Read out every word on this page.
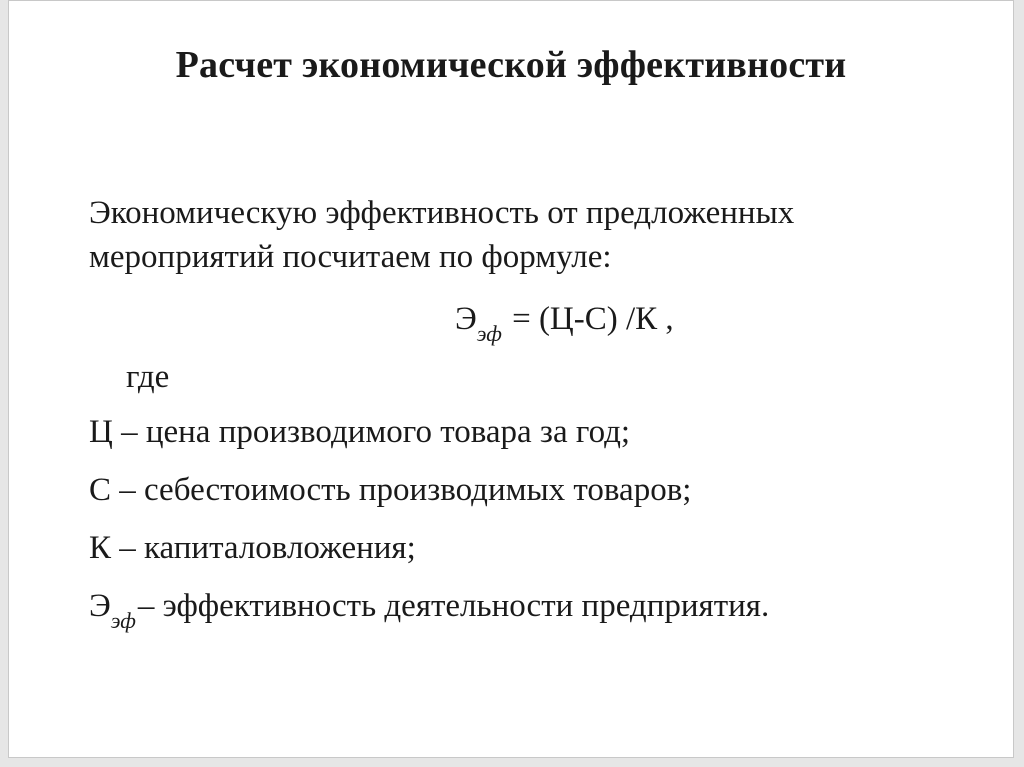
Расчет экономической эффективности
Экономическую эффективность от предложенных
мероприятий посчитаем по формуле:
$Э_{эф} = (Ц-С)$ /К ,
где
Ц – цена производимого товара за год;
С – себестоимость производимых товаров;
К – капиталовложения;
$Э_{эф}-$ эффективность деятельности предприятия.
